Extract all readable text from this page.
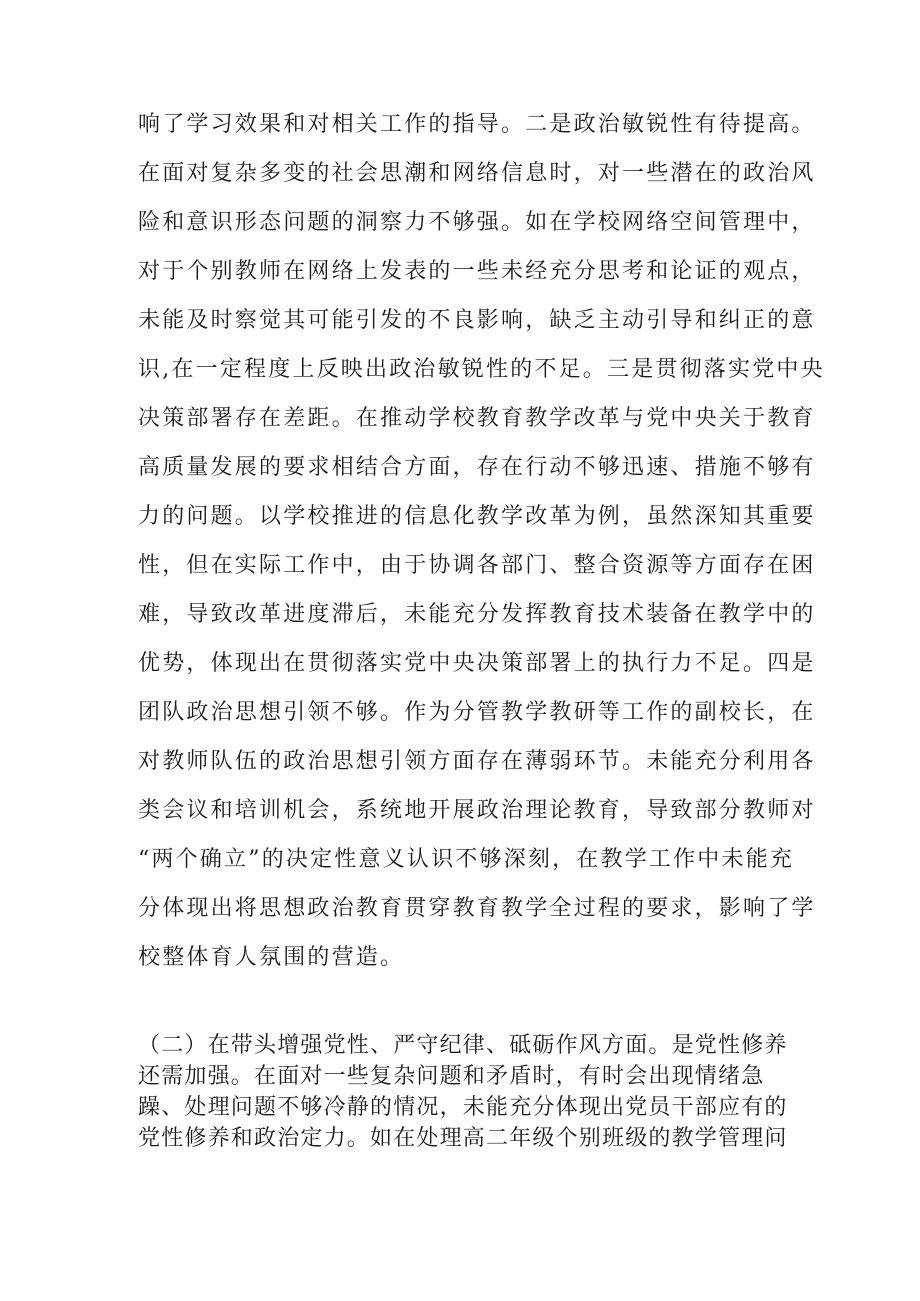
响了学习效果和对相关工作的指导。二是政治敏锐性有待提高。
在面对复杂多变的社会思潮和网络信息时，对一些潜在的政治风
险和意识形态问题的洞察力不够强。如在学校网络空间管理中，
对于个别教师在网络上发表的一些未经充分思考和论证的观点，
未能及时察觉其可能引发的不良影响，缺乏主动引导和纠正的意
识,在一定程度上反映出政治敏锐性的不足。三是贯彻落实党中央
决策部署存在差距。在推动学校教育教学改革与党中央关于教育
高质量发展的要求相结合方面，存在行动不够迅速、措施不够有
力的问题。以学校推进的信息化教学改革为例，虽然深知其重要
性，但在实际工作中，由于协调各部门、整合资源等方面存在困
难，导致改革进度滞后，未能充分发挥教育技术装备在教学中的
优势，体现出在贯彻落实党中央决策部署上的执行力不足。四是
团队政治思想引领不够。作为分管教学教研等工作的副校长，在
对教师队伍的政治思想引领方面存在薄弱环节。未能充分利用各
类会议和培训机会，系统地开展政治理论教育，导致部分教师对
“两个确立”的决定性意义认识不够深刻，在教学工作中未能充
分体现出将思想政治教育贯穿教育教学全过程的要求，影响了学
校整体育人氛围的营造。
（二）在带头增强党性、严守纪律、砥砺作风方面。是党性修养
还需加强。在面对一些复杂问题和矛盾时，有时会出现情绪急
躁、处理问题不够冷静的情况，未能充分体现出党员干部应有的
党性修养和政治定力。如在处理高二年级个别班级的教学管理问
